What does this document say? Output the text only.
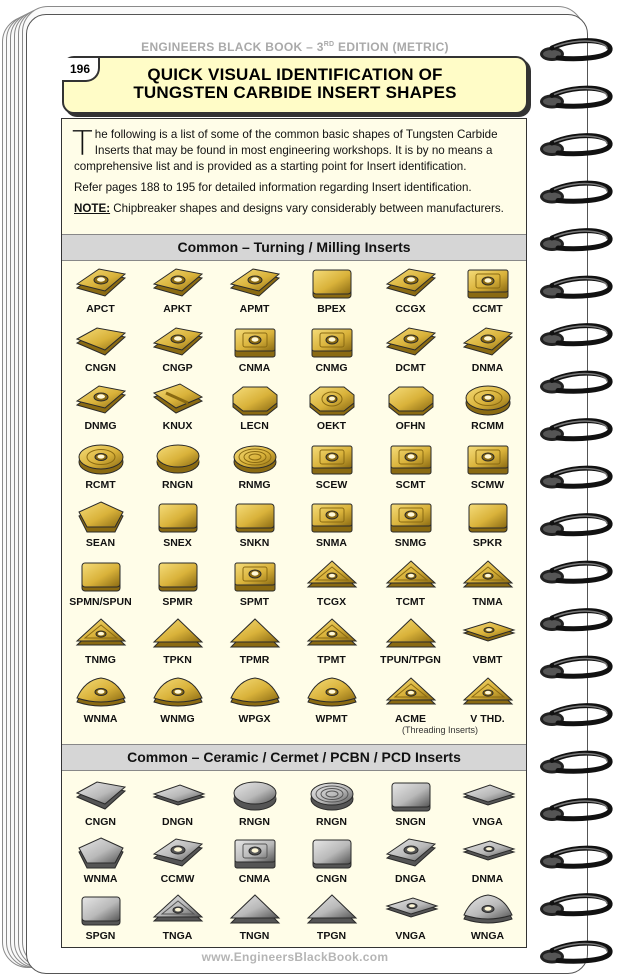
ENGINEERS BLACK BOOK – 3RD EDITION (METRIC)
196	QUICK VISUAL IDENTIFICATION OF
TUNGSTEN CARBIDE INSERT SHAPES

The following is a list of some of the common basic shapes of Tungsten Carbide Inserts that may be found in most engineering workshops. It is by no means a comprehensive list and is provided as a starting point for Insert identification.

Refer pages 188 to 195 for detailed information regarding Insert identification.

NOTE: Chipbreaker shapes and designs vary considerably between manufacturers.

Common – Turning / Milling Inserts
APCT	APKT	APMT	BPEX	CCGX	CCMT
CNGN	CNGP	CNMA	CNMG	DCMT	DNMA
DNMG	KNUX	LECN	OEKT	OFHN	RCMM
RCMT	RNGN	RNMG	SCEW	SCMT	SCMW
SEAN	SNEX	SNKN	SNMA	SNMG	SPKR
SPMN/SPUN	SPMR	SPMT	TCGX	TCMT	TNMA
TNMG	TPKN	TPMR	TPMT	TPUN/TPGN	VBMT
WNMA	WNMG	WPGX	WPMT	ACME	V THD.
(Threading Inserts)
Common – Ceramic / Cermet / PCBN / PCD Inserts
CNGN	DNGN	RNGN	RNGN	SNGN	VNGA
WNMA	CCMW	CNMA	CNGN	DNGA	DNMA
SPGN	TNGA	TNGN	TPGN	VNGA	WNGA
www.EngineersBlackBook.com
